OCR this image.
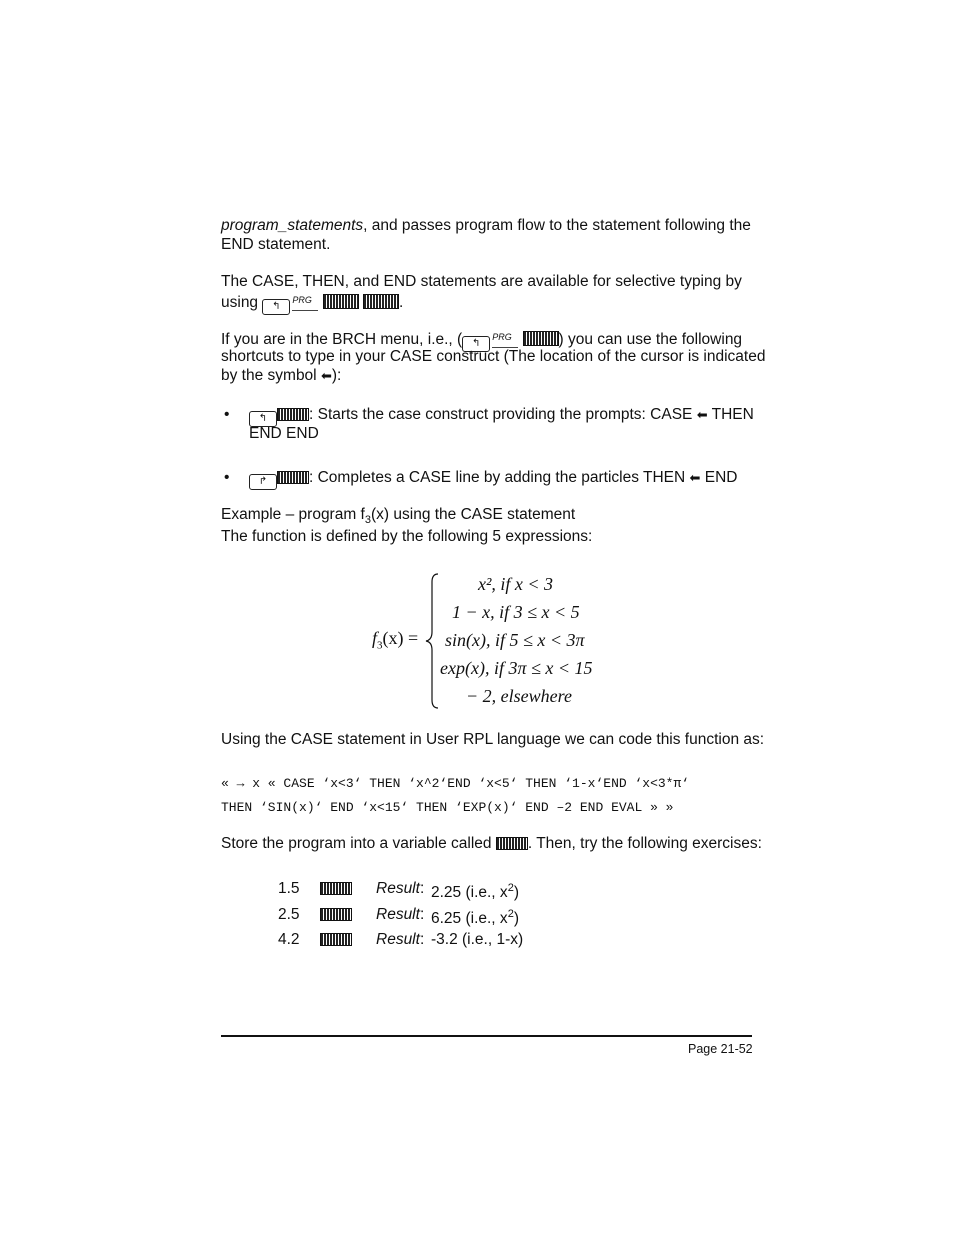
program_statements, and passes program flow to the statement following the
END statement.
The CASE, THEN, and END statements are available for selective typing by
using ↰PRG	.
If you are in the BRCH menu, i.e., ( ↰PRG	) you can use the following
shortcuts to type in your CASE construct (The location of the cursor is indicated
by the symbol ⬅):
•	↰	: Starts the case construct providing the prompts: CASE ⬅ THEN
END END
•	↱	: Completes a CASE line by adding the particles THEN ⬅ END
Example – program $f_3(x)$ using the CASE statement
The function is defined by the following 5 expressions:
$f_3(x)$ =
x², if x < 3
1 − x, if 3 ≤ x < 5
sin(x), if 5 ≤ x < 3π
exp(x), if 3π ≤ x < 15
− 2, elsewhere
Using the CASE statement in User RPL language we can code this function as:
« → x « CASE ‘x<3‘ THEN ‘x^2‘END ‘x<5‘ THEN ‘1-x‘END ‘x<3*π‘
THEN ‘SIN(x)‘ END ‘x<15‘ THEN ‘EXP(x)‘ END –2 END EVAL » »
Store the program into a variable called . Then, try the following exercises:
1.5	Result: 2.25 (i.e., $x^2$)
2.5	Result: 6.25 (i.e., $x^2$)
4.2	Result: -3.2 (i.e., 1-x)
Page 21-52
